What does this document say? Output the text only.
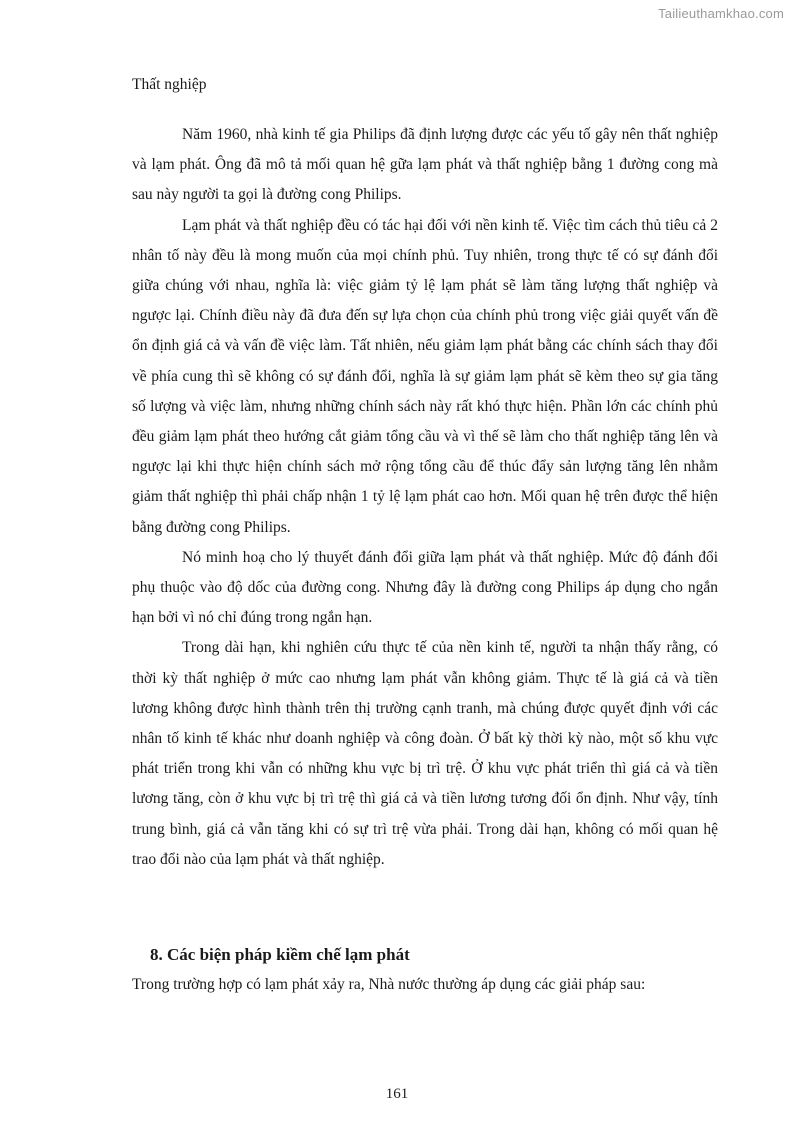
Tailieuthamkhao.com
Thất nghiệp

Năm 1960, nhà kinh tế gia Philips đã định lượng được các yếu tố gây nên thất nghiệp và lạm phát. Ông đã mô tả mối quan hệ gữa lạm phát và thất nghiệp bằng 1 đường cong mà sau này người ta gọi là đường cong Philips.

Lạm phát và thất nghiệp đều có tác hại đối với nền kinh tế. Việc tìm cách thủ tiêu cả 2 nhân tố này đều là mong muốn của mọi chính phủ. Tuy nhiên, trong thực tế có sự đánh đổi giữa chúng với nhau, nghĩa là: việc giảm tỷ lệ lạm phát sẽ làm tăng lượng thất nghiệp và ngược lại. Chính điều này đã đưa đến sự lựa chọn của chính phủ trong việc giải quyết vấn đề ổn định giá cả và vấn đề việc làm. Tất nhiên, nếu giảm lạm phát bằng các chính sách thay đổi về phía cung thì sẽ không có sự đánh đổi, nghĩa là sự giảm lạm phát sẽ kèm theo sự gia tăng số lượng và việc làm, nhưng những chính sách này rất khó thực hiện. Phần lớn các chính phủ đều giảm lạm phát theo hướng cắt giảm tổng cầu và vì thế sẽ làm cho thất nghiệp tăng lên và ngược lại khi thực hiện chính sách mở rộng tổng cầu để thúc đẩy sản lượng tăng lên nhằm giảm thất nghiệp thì phải chấp nhận 1 tỷ lệ lạm phát cao hơn. Mối quan hệ trên được thể hiện bằng đường cong Philips.

Nó minh hoạ cho lý thuyết đánh đổi giữa lạm phát và thất nghiệp. Mức độ đánh đổi phụ thuộc vào độ dốc của đường cong. Nhưng đây là đường cong Philips áp dụng cho ngắn hạn bởi vì nó chỉ đúng trong ngắn hạn.

Trong dài hạn, khi nghiên cứu thực tế của nền kinh tế, người ta nhận thấy rằng, có thời kỳ thất nghiệp ở mức cao nhưng lạm phát vẫn không giảm. Thực tế là giá cả và tiền lương không được hình thành trên thị trường cạnh tranh, mà chúng được quyết định với các nhân tố kinh tế khác như doanh nghiệp và công đoàn. Ở bất kỳ thời kỳ nào, một số khu vực phát triển trong khi vẫn có những khu vực bị trì trệ. Ở khu vực phát triển thì giá cả và tiền lương tăng, còn ở khu vực bị trì trệ thì giá cả và tiền lương tương đối ổn định. Như vậy, tính trung bình, giá cả vẫn tăng khi có sự trì trệ vừa phải. Trong dài hạn, không có mối quan hệ trao đổi nào của lạm phát và thất nghiệp.

8. Các biện pháp kiềm chế lạm phát
Trong trường hợp có lạm phát xảy ra, Nhà nước thường áp dụng các giải pháp sau:
161
